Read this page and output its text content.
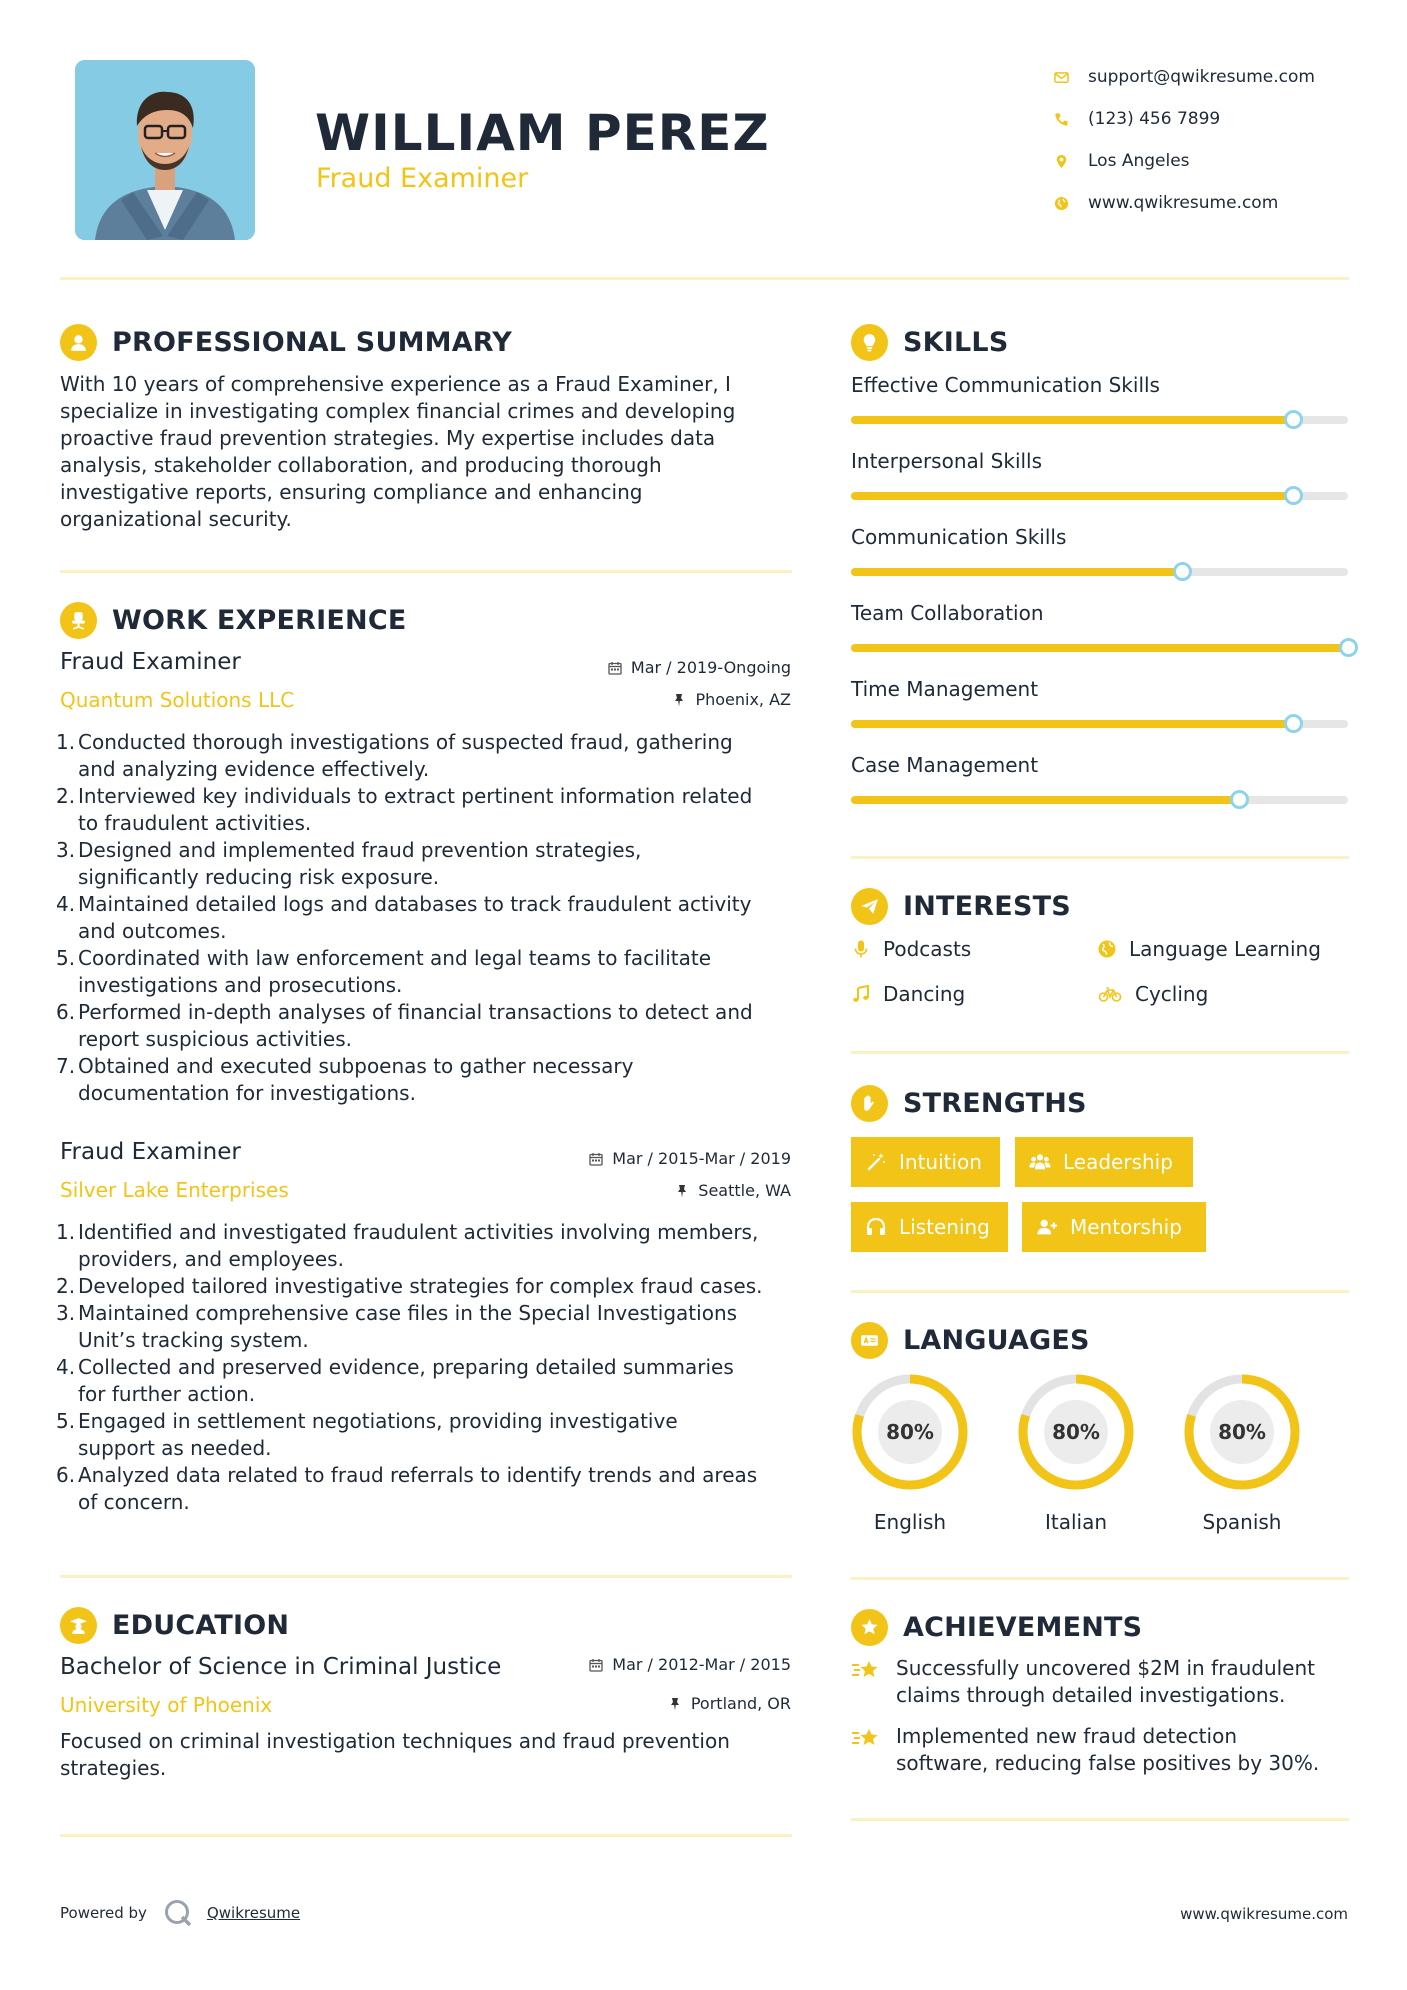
WILLIAM PEREZ
Fraud Examiner
support@qwikresume.com
(123) 456 7899
Los Angeles
www.qwikresume.com
PROFESSIONAL SUMMARY
With 10 years of comprehensive experience as a Fraud Examiner, I
specialize in investigating complex financial crimes and developing
proactive fraud prevention strategies. My expertise includes data
analysis, stakeholder collaboration, and producing thorough
investigative reports, ensuring compliance and enhancing
organizational security.
WORK EXPERIENCE
Fraud Examiner
Quantum Solutions LLC
Mar / 2019-Ongoing
Phoenix, AZ
1. Conducted thorough investigations of suspected fraud, gathering
and analyzing evidence effectively.
2. Interviewed key individuals to extract pertinent information related
to fraudulent activities.
3. Designed and implemented fraud prevention strategies,
significantly reducing risk exposure.
4. Maintained detailed logs and databases to track fraudulent activity
and outcomes.
5. Coordinated with law enforcement and legal teams to facilitate
investigations and prosecutions.
6. Performed in-depth analyses of financial transactions to detect and
report suspicious activities.
7. Obtained and executed subpoenas to gather necessary
documentation for investigations.
Fraud Examiner
Silver Lake Enterprises
Mar / 2015-Mar / 2019
Seattle, WA
1. Identified and investigated fraudulent activities involving members,
providers, and employees.
2. Developed tailored investigative strategies for complex fraud cases.
3. Maintained comprehensive case files in the Special Investigations
Unit’s tracking system.
4. Collected and preserved evidence, preparing detailed summaries
for further action.
5. Engaged in settlement negotiations, providing investigative
support as needed.
6. Analyzed data related to fraud referrals to identify trends and areas
of concern.
EDUCATION
Bachelor of Science in Criminal Justice
University of Phoenix
Mar / 2012-Mar / 2015
Portland, OR
Focused on criminal investigation techniques and fraud prevention
strategies.
SKILLS
Effective Communication Skills
Interpersonal Skills
Communication Skills
Team Collaboration
Time Management
Case Management
INTERESTS
Podcasts	Language Learning
Dancing	Cycling
STRENGTHS
Intuition	Leadership
Listening	Mentorship
LANGUAGES
80%
English
80%
Italian
80%
Spanish
ACHIEVEMENTS
Successfully uncovered $2M in fraudulent
claims through detailed investigations.
Implemented new fraud detection
software, reducing false positives by 30%.
Powered by	Qwikresume	www.qwikresume.com
